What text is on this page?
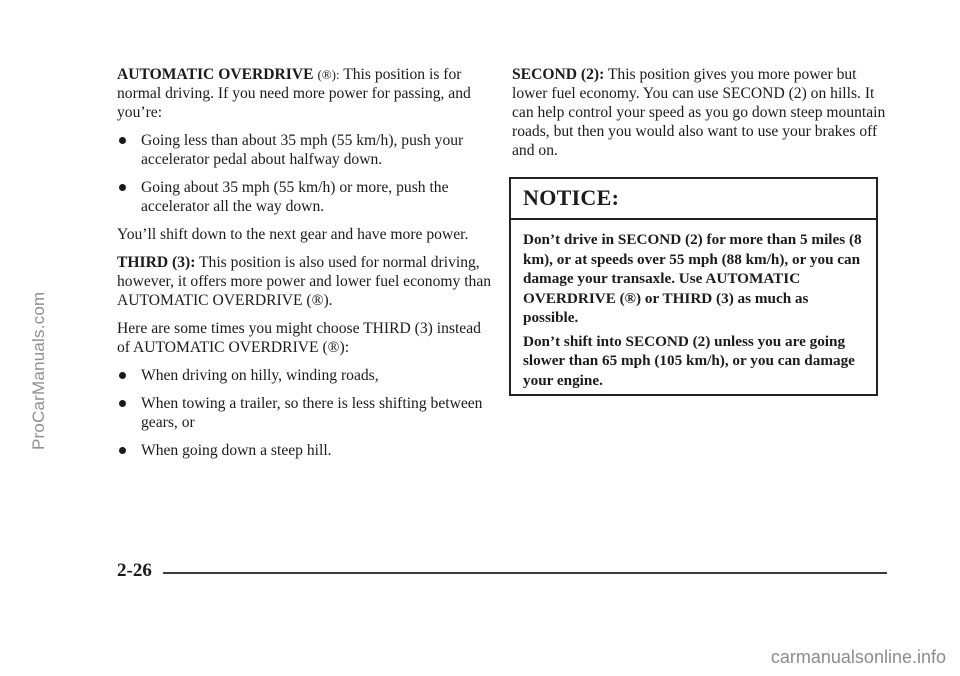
ProCarManuals.com

AUTOMATIC OVERDRIVE (®): This position is for normal driving. If you need more power for passing, and you’re:

Going less than about 35 mph (55 km/h), push your accelerator pedal about halfway down.
Going about 35 mph (55 km/h) or more, push the accelerator all the way down.

You’ll shift down to the next gear and have more power.

THIRD (3): This position is also used for normal driving, however, it offers more power and lower fuel economy than AUTOMATIC OVERDRIVE (®).

Here are some times you might choose THIRD (3) instead of AUTOMATIC OVERDRIVE (®):

When driving on hilly, winding roads,
When towing a trailer, so there is less shifting between gears, or
When going down a steep hill.

SECOND (2): This position gives you more power but lower fuel economy. You can use SECOND (2) on hills. It can help control your speed as you go down steep mountain roads, but then you would also want to use your brakes off and on.

NOTICE:

Don’t drive in SECOND (2) for more than 5 miles (8 km), or at speeds over 55 mph (88 km/h), or you can damage your transaxle. Use AUTOMATIC OVERDRIVE (®) or THIRD (3) as much as possible.

Don’t shift into SECOND (2) unless you are going slower than 65 mph (105 km/h), or you can damage your engine.

2-26
carmanualsonline.info
